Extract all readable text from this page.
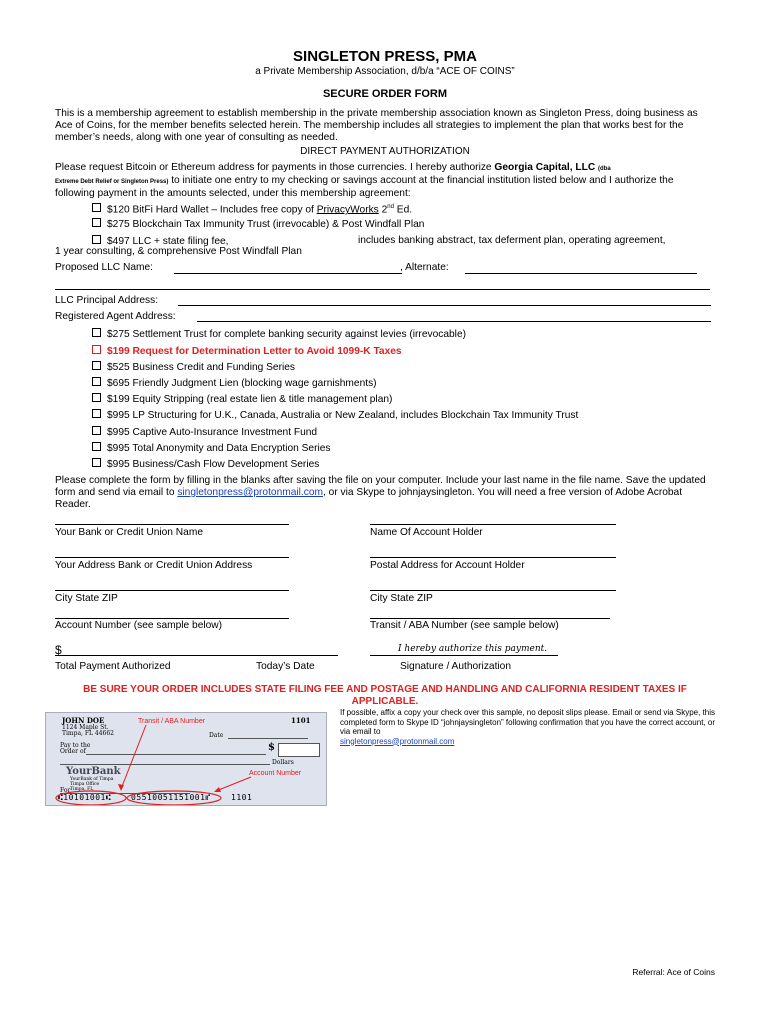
SINGLETON PRESS, PMA
a Private Membership Association, d/b/a “ACE OF COINS”
SECURE ORDER FORM
This is a membership agreement to establish membership in the private membership association known as Singleton Press, doing business as Ace of Coins, for the member benefits selected herein. The membership includes all strategies to implement the plan that works best for the member’s needs, along with one year of consulting as needed.
DIRECT PAYMENT AUTHORIZATION
Please request Bitcoin or Ethereum address for payments in those currencies. I hereby authorize Georgia Capital, LLC (dba
Extreme Debt Relief or Singleton Press) to initiate one entry to my checking or savings account at the financial institution listed below and I authorize the following payment in the amounts selected, under this membership agreement:
$120 BitFi Hard Wallet – Includes free copy of PrivacyWorks 2nd Ed.
$275 Blockchain Tax Immunity Trust (irrevocable) & Post Windfall Plan
$497 LLC + state filing fee,	includes banking abstract, tax deferment plan, operating agreement,
1 year consulting, & comprehensive Post Windfall Plan
Proposed LLC Name:	, Alternate:
LLC Principal Address:
Registered Agent Address:
$275 Settlement Trust for complete banking security against levies (irrevocable)
$199 Request for Determination Letter to Avoid 1099-K Taxes
$525 Business Credit and Funding Series
$695 Friendly Judgment Lien (blocking wage garnishments)
$199 Equity Stripping (real estate lien & title management plan)
$995 LP Structuring for U.K., Canada, Australia or New Zealand, includes Blockchain Tax Immunity Trust
$995 Captive Auto-Insurance Investment Fund
$995 Total Anonymity and Data Encryption Series
$995 Business/Cash Flow Development Series
Please complete the form by filling in the blanks after saving the file on your computer. Include your last name in the file name. Save the updated form and send via email to singletonpress@protonmail.com, or via Skype to johnjaysingleton. You will need a free version of Adobe Acrobat Reader.
Your Bank or Credit Union Name	Name Of Account Holder
Your Address Bank or Credit Union Address	Postal Address for Account Holder
City State ZIP	City State ZIP
Account Number (see sample below)	Transit / ABA Number (see sample below)
$	I hereby authorize this payment.
Total Payment Authorized	Today’s Date	Signature / Authorization
BE SURE YOUR ORDER INCLUDES STATE FILING FEE AND POSTAGE AND HANDLING AND CALIFORNIA RESIDENT TAXES IF APPLICABLE.
If possible, affix a copy your check over this sample, no deposit slips please. Email or send via Skype, this completed form to Skype ID “johnjaysingleton” following confirmation that you have the correct account, or via email to
singletonpress@protonmail.com
JOHN DOE
1124 Maple St.
Timpa, FL 44662
1101
Transit / ABA Number
Date
Pay to the
Order of	$
Dollars
YourBank
YourBank of Timpa
Timpa Office
Timpa, FL
Account Number
For
⑆10101001⑆ 05510051151001⑈	1101
Referral: Ace of Coins
